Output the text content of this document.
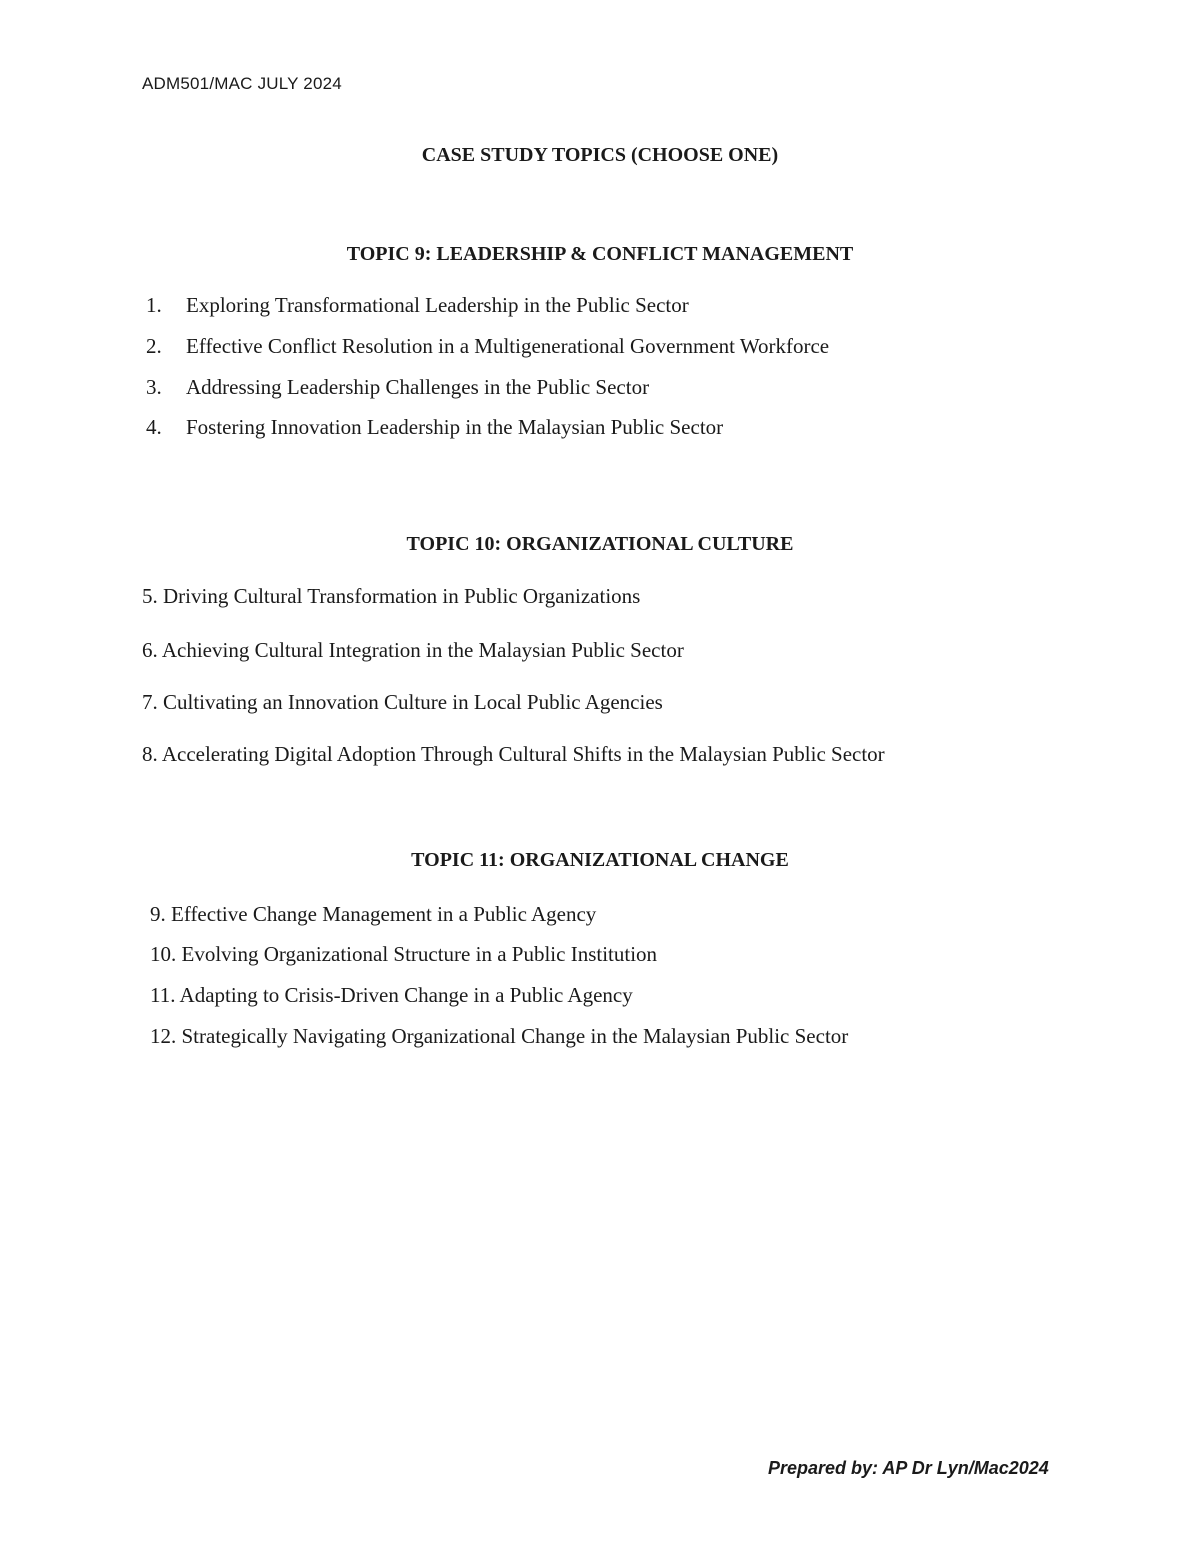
ADM501/MAC JULY 2024
CASE STUDY TOPICS (CHOOSE ONE)
TOPIC 9: LEADERSHIP & CONFLICT MANAGEMENT
1. Exploring Transformational Leadership in the Public Sector
2. Effective Conflict Resolution in a Multigenerational Government Workforce
3. Addressing Leadership Challenges in the Public Sector
4. Fostering Innovation Leadership in the Malaysian Public Sector
TOPIC 10: ORGANIZATIONAL CULTURE
5. Driving Cultural Transformation in Public Organizations
6. Achieving Cultural Integration in the Malaysian Public Sector
7. Cultivating an Innovation Culture in Local Public Agencies
8. Accelerating Digital Adoption Through Cultural Shifts in the Malaysian Public Sector
TOPIC 11: ORGANIZATIONAL CHANGE
9. Effective Change Management in a Public Agency
10. Evolving Organizational Structure in a Public Institution
11. Adapting to Crisis-Driven Change in a Public Agency
12. Strategically Navigating Organizational Change in the Malaysian Public Sector
Prepared by: AP Dr Lyn/Mac2024
